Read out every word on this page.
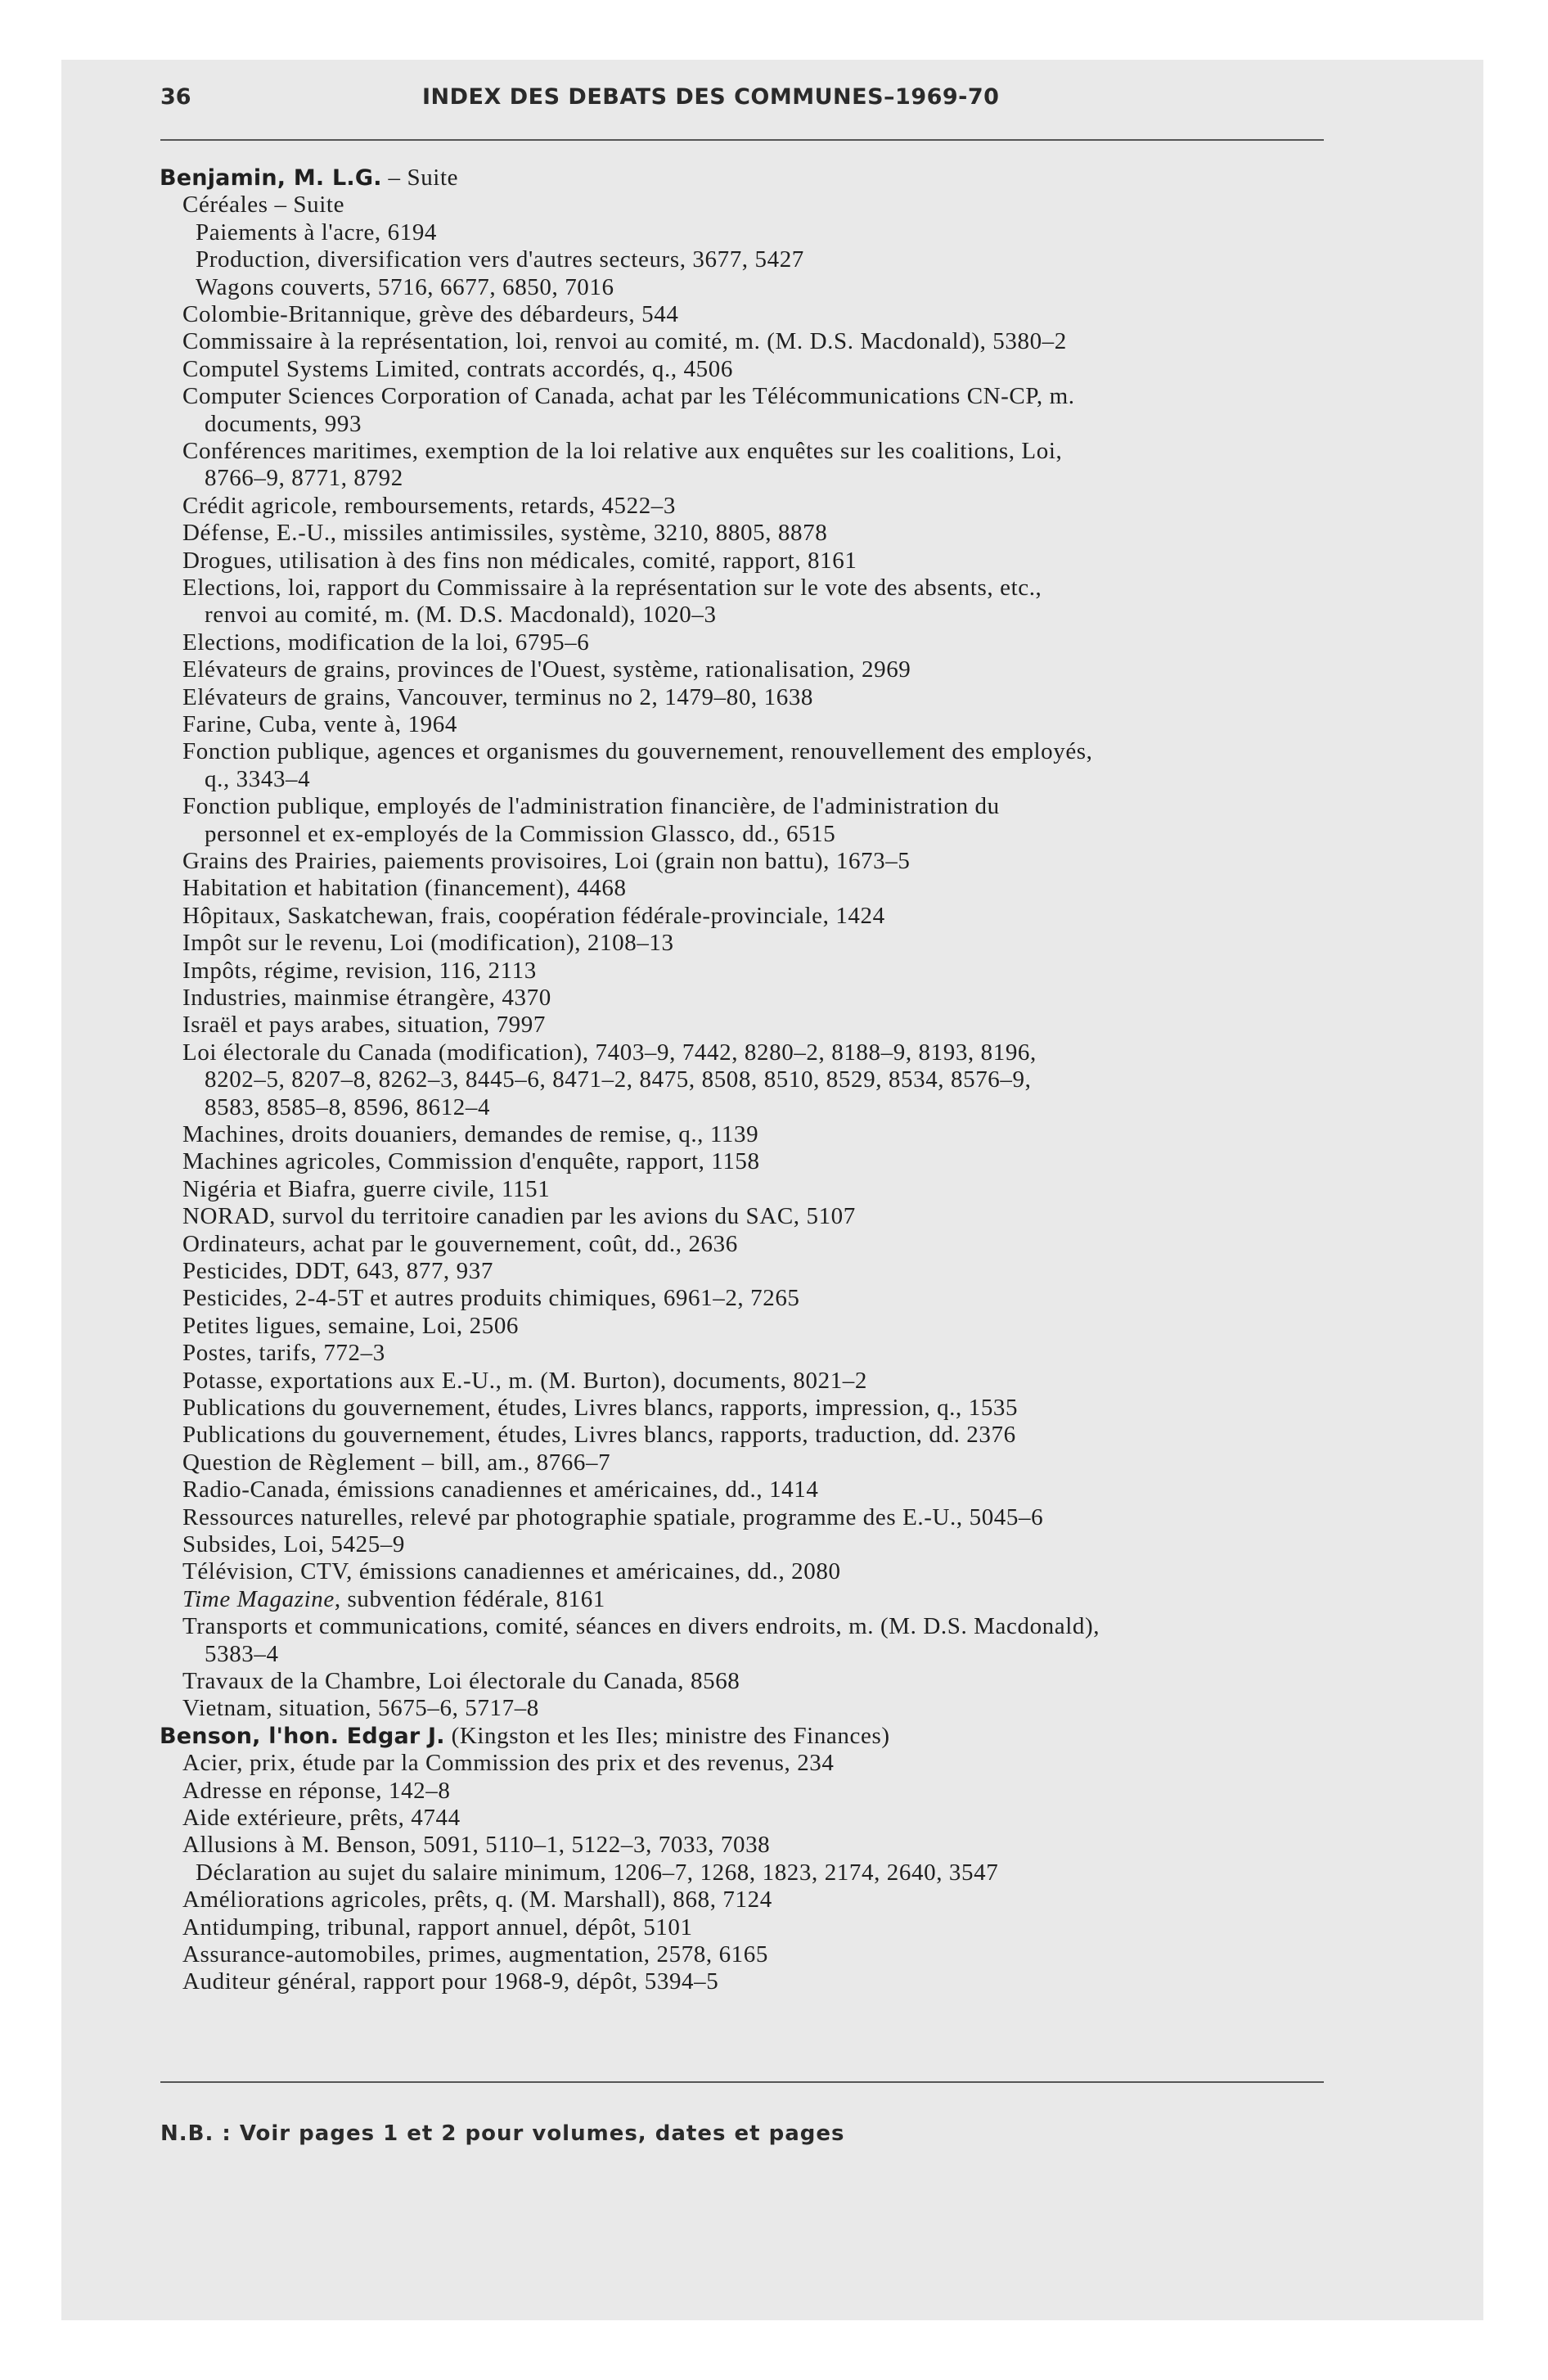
36	INDEX DES DEBATS DES COMMUNES–1969-70
Benjamin, M. L.G. – Suite
Céréales – Suite
Paiements à l'acre, 6194
Production, diversification vers d'autres secteurs, 3677, 5427
Wagons couverts, 5716, 6677, 6850, 7016
Colombie-Britannique, grève des débardeurs, 544
Commissaire à la représentation, loi, renvoi au comité, m. (M. D.S. Macdonald), 5380–2
Computel Systems Limited, contrats accordés, q., 4506
Computer Sciences Corporation of Canada, achat par les Télécommunications CN-CP, m.
documents, 993
Conférences maritimes, exemption de la loi relative aux enquêtes sur les coalitions, Loi,
8766–9, 8771, 8792
Crédit agricole, remboursements, retards, 4522–3
Défense, E.-U., missiles antimissiles, système, 3210, 8805, 8878
Drogues, utilisation à des fins non médicales, comité, rapport, 8161
Elections, loi, rapport du Commissaire à la représentation sur le vote des absents, etc.,
renvoi au comité, m. (M. D.S. Macdonald), 1020–3
Elections, modification de la loi, 6795–6
Elévateurs de grains, provinces de l'Ouest, système, rationalisation, 2969
Elévateurs de grains, Vancouver, terminus no 2, 1479–80, 1638
Farine, Cuba, vente à, 1964
Fonction publique, agences et organismes du gouvernement, renouvellement des employés,
q., 3343–4
Fonction publique, employés de l'administration financière, de l'administration du
personnel et ex-employés de la Commission Glassco, dd., 6515
Grains des Prairies, paiements provisoires, Loi (grain non battu), 1673–5
Habitation et habitation (financement), 4468
Hôpitaux, Saskatchewan, frais, coopération fédérale-provinciale, 1424
Impôt sur le revenu, Loi (modification), 2108–13
Impôts, régime, revision, 116, 2113
Industries, mainmise étrangère, 4370
Israël et pays arabes, situation, 7997
Loi électorale du Canada (modification), 7403–9, 7442, 8280–2, 8188–9, 8193, 8196,
8202–5, 8207–8, 8262–3, 8445–6, 8471–2, 8475, 8508, 8510, 8529, 8534, 8576–9,
8583, 8585–8, 8596, 8612–4
Machines, droits douaniers, demandes de remise, q., 1139
Machines agricoles, Commission d'enquête, rapport, 1158
Nigéria et Biafra, guerre civile, 1151
NORAD, survol du territoire canadien par les avions du SAC, 5107
Ordinateurs, achat par le gouvernement, coût, dd., 2636
Pesticides, DDT, 643, 877, 937
Pesticides, 2-4-5T et autres produits chimiques, 6961–2, 7265
Petites ligues, semaine, Loi, 2506
Postes, tarifs, 772–3
Potasse, exportations aux E.-U., m. (M. Burton), documents, 8021–2
Publications du gouvernement, études, Livres blancs, rapports, impression, q., 1535
Publications du gouvernement, études, Livres blancs, rapports, traduction, dd. 2376
Question de Règlement – bill, am., 8766–7
Radio-Canada, émissions canadiennes et américaines, dd., 1414
Ressources naturelles, relevé par photographie spatiale, programme des E.-U., 5045–6
Subsides, Loi, 5425–9
Télévision, CTV, émissions canadiennes et américaines, dd., 2080
Time Magazine, subvention fédérale, 8161
Transports et communications, comité, séances en divers endroits, m. (M. D.S. Macdonald),
5383–4
Travaux de la Chambre, Loi électorale du Canada, 8568
Vietnam, situation, 5675–6, 5717–8
Benson, l'hon. Edgar J. (Kingston et les Iles; ministre des Finances)
Acier, prix, étude par la Commission des prix et des revenus, 234
Adresse en réponse, 142–8
Aide extérieure, prêts, 4744
Allusions à M. Benson, 5091, 5110–1, 5122–3, 7033, 7038
Déclaration au sujet du salaire minimum, 1206–7, 1268, 1823, 2174, 2640, 3547
Améliorations agricoles, prêts, q. (M. Marshall), 868, 7124
Antidumping, tribunal, rapport annuel, dépôt, 5101
Assurance-automobiles, primes, augmentation, 2578, 6165
Auditeur général, rapport pour 1968-9, dépôt, 5394–5
N.B. : Voir pages 1 et 2 pour volumes, dates et pages
